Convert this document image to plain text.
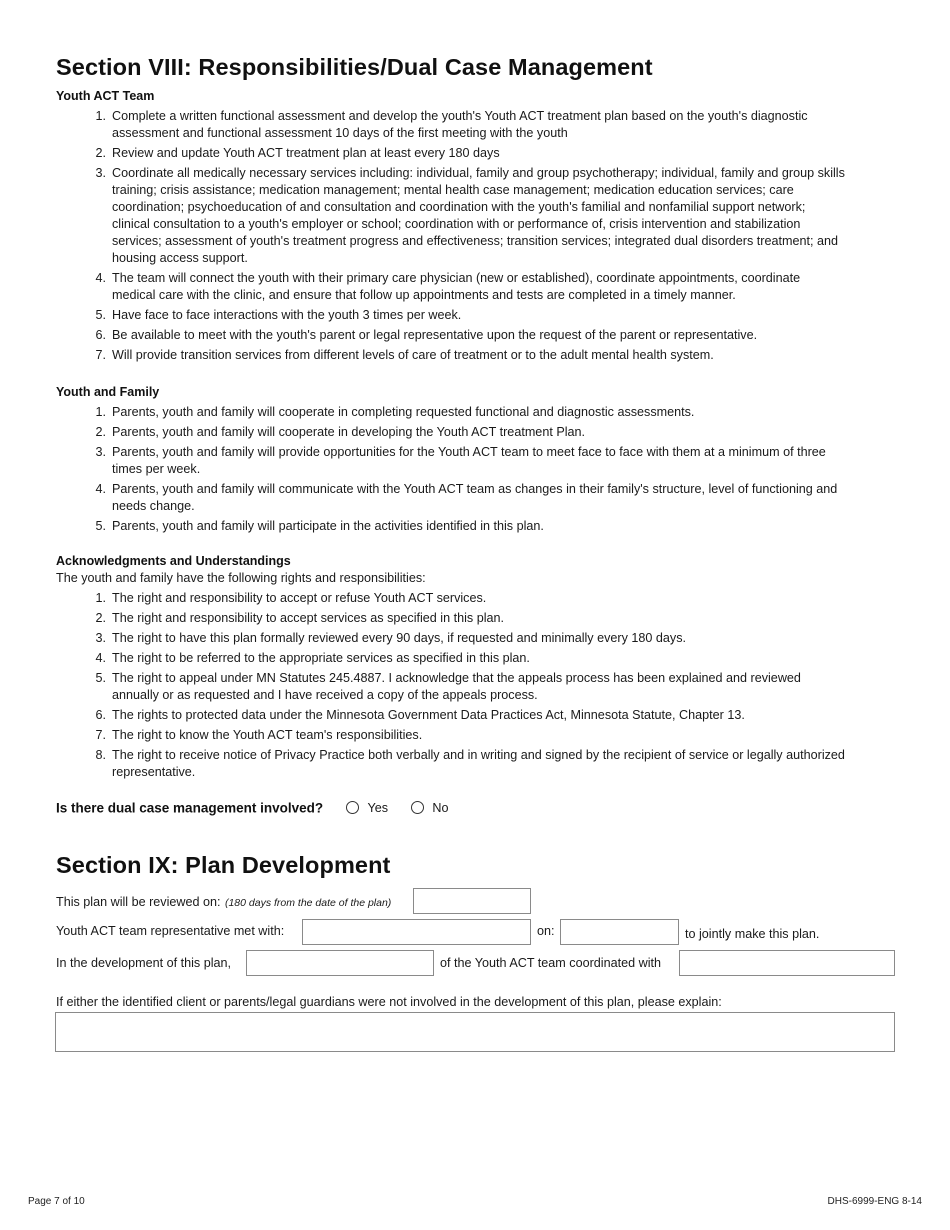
Section VIII: Responsibilities/Dual Case Management
Youth ACT Team
1. Complete a written functional assessment and develop the youth's Youth ACT treatment plan based on the youth's diagnostic assessment and functional assessment 10 days of the first meeting with the youth
2. Review and update Youth ACT treatment plan at least every 180 days
3. Coordinate all medically necessary services including: individual, family and group psychotherapy; individual, family and group skills training; crisis assistance; medication management; mental health case management; medication education services; care coordination; psychoeducation of and consultation and coordination with the youth's familial and nonfamilial support network; clinical consultation to a youth's employer or school; coordination with or performance of, crisis intervention and stabilization services; assessment of youth's treatment progress and effectiveness; transition services; integrated dual disorders treatment; and housing access support.
4. The team will connect the youth with their primary care physician (new or established), coordinate appointments, coordinate medical care with the clinic, and ensure that follow up appointments and tests are completed in a timely manner.
5. Have face to face interactions with the youth 3 times per week.
6. Be available to meet with the youth's parent or legal representative upon the request of the parent or representative.
7. Will provide transition services from different levels of care of treatment or to the adult mental health system.
Youth and Family
1. Parents, youth and family will cooperate in completing requested functional and diagnostic assessments.
2. Parents, youth and family will cooperate in developing the Youth ACT treatment Plan.
3. Parents, youth and family will provide opportunities for the Youth ACT team to meet face to face with them at a minimum of three times per week.
4. Parents, youth and family will communicate with the Youth ACT team as changes in their family's structure, level of functioning and needs change.
5. Parents, youth and family will participate in the activities identified in this plan.
Acknowledgments and Understandings
The youth and family have the following rights and responsibilities:
1. The right and responsibility to accept or refuse Youth ACT services.
2. The right and responsibility to accept services as specified in this plan.
3. The right to have this plan formally reviewed every 90 days, if requested and minimally every 180 days.
4. The right to be referred to the appropriate services as specified in this plan.
5. The right to appeal under MN Statutes 245.4887. I acknowledge that the appeals process has been explained and reviewed annually or as requested and I have received a copy of the appeals process.
6. The rights to protected data under the Minnesota Government Data Practices Act, Minnesota Statute, Chapter 13.
7. The right to know the Youth ACT team's responsibilities.
8. The right to receive notice of Privacy Practice both verbally and in writing and signed by the recipient of service or legally authorized representative.
Is there dual case management involved?	Yes	No
Section IX: Plan Development
This plan will be reviewed on: (180 days from the date of the plan)
Youth ACT team representative met with:	on:	to jointly make this plan.
In the development of this plan,	of the Youth ACT team coordinated with
If either the identified client or parents/legal guardians were not involved in the development of this plan, please explain:
Page 7 of 10	DHS-6999-ENG 8-14
